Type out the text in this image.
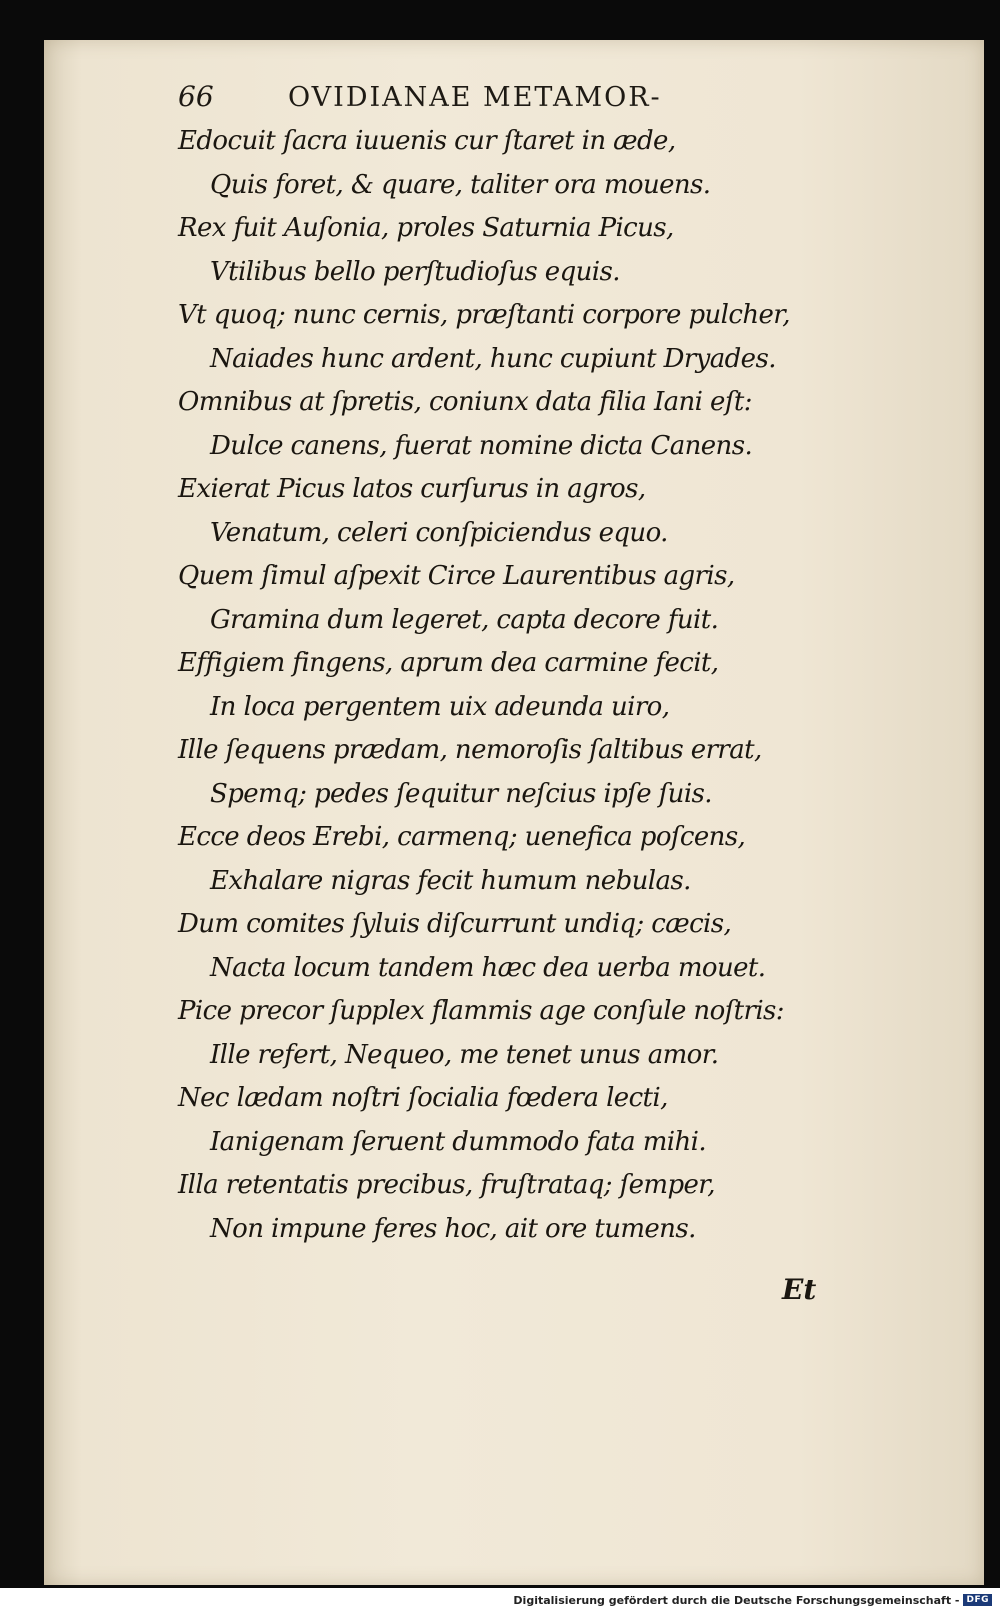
66	OVIDIANAE METAMOR-
Edocuit ſacra iuuenis cur ſtaret in æde,
Quis foret, & quare, taliter ora mouens.
Rex fuit Auſonia, proles Saturnia Picus,
Vtilibus bello perſtudioſus equis.
Vt quoq; nunc cernis, præſtanti corpore pulcher,
Naiades hunc ardent, hunc cupiunt Dryades.
Omnibus at ſpretis, coniunx data filia Iani eſt:
Dulce canens, fuerat nomine dicta Canens.
Exierat Picus latos curſurus in agros,
Venatum, celeri conſpiciendus equo.
Quem ſimul aſpexit Circe Laurentibus agris,
Gramina dum legeret, capta decore fuit.
Effigiem fingens, aprum dea carmine fecit,
In loca pergentem uix adeunda uiro,
Ille ſequens prædam, nemoroſis ſaltibus errat,
Spemq; pedes ſequitur neſcius ipſe ſuis.
Ecce deos Erebi, carmenq; uenefica poſcens,
Exhalare nigras fecit humum nebulas.
Dum comites ſyluis diſcurrunt undiq; cæcis,
Nacta locum tandem hæc dea uerba mouet.
Pice precor ſupplex flammis age conſule noſtris:
Ille refert, Nequeo, me tenet unus amor.
Nec lædam noſtri ſocialia fœdera lecti,
Ianigenam ſeruent dummodo fata mihi.
Illa retentatis precibus, fruſtrataq; ſemper,
Non impune feres hoc, ait ore tumens.
Et
Digitalisierung gefördert durch die Deutsche Forschungsgemeinschaft - DFG
